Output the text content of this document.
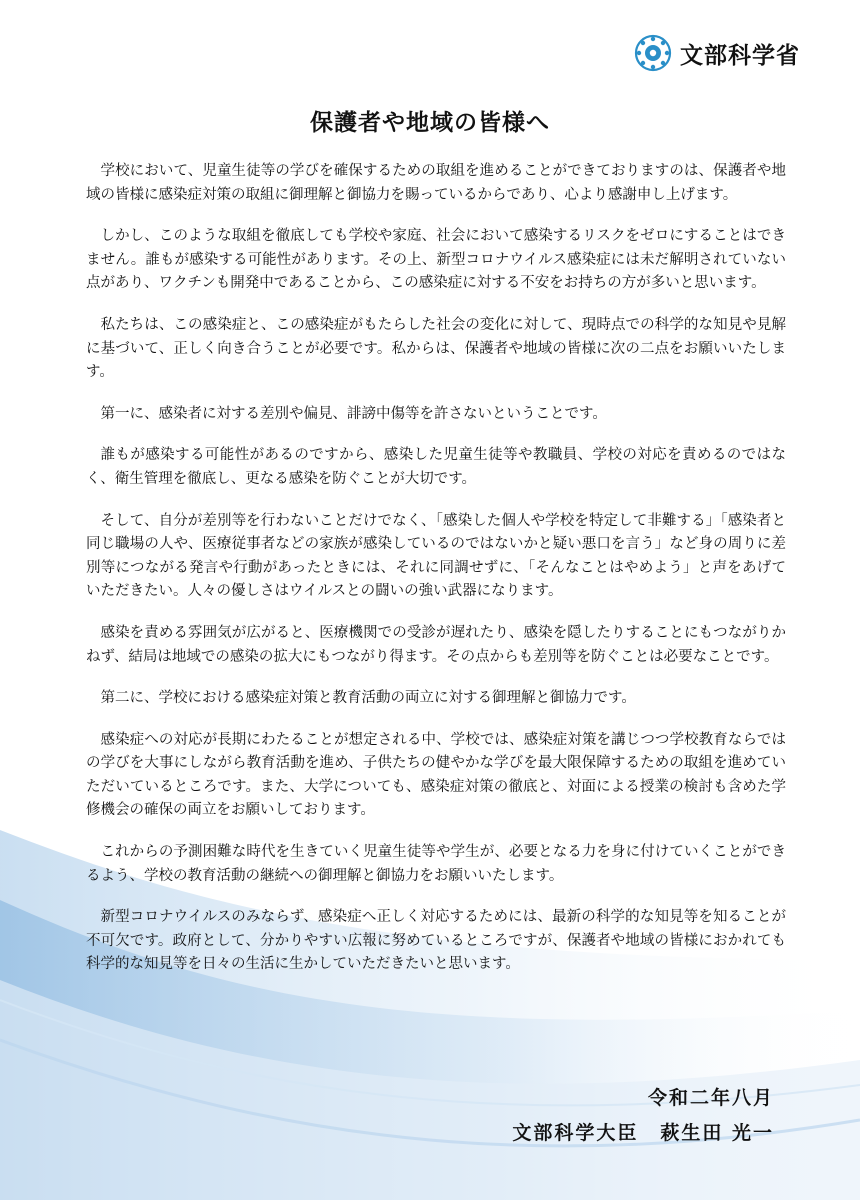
文部科学省
保護者や地域の皆様へ

学校において、児童生徒等の学びを確保するための取組を進めることができておりますのは、保護者や地域の皆様に感染症対策の取組に御理解と御協力を賜っているからであり、心より感謝申し上げます。

しかし、このような取組を徹底しても学校や家庭、社会において感染するリスクをゼロにすることはできません。誰もが感染する可能性があります。その上、新型コロナウイルス感染症には未だ解明されていない点があり、ワクチンも開発中であることから、この感染症に対する不安をお持ちの方が多いと思います。

私たちは、この感染症と、この感染症がもたらした社会の変化に対して、現時点での科学的な知見や見解に基づいて、正しく向き合うことが必要です。私からは、保護者や地域の皆様に次の二点をお願いいたします。

第一に、感染者に対する差別や偏見、誹謗中傷等を許さないということです。

誰もが感染する可能性があるのですから、感染した児童生徒等や教職員、学校の対応を責めるのではなく、衛生管理を徹底し、更なる感染を防ぐことが大切です。

そして、自分が差別等を行わないことだけでなく、「感染した個人や学校を特定して非難する」「感染者と同じ職場の人や、医療従事者などの家族が感染しているのではないかと疑い悪口を言う」など身の周りに差別等につながる発言や行動があったときには、それに同調せずに、「そんなことはやめよう」と声をあげていただきたい。人々の優しさはウイルスとの闘いの強い武器になります。

感染を責める雰囲気が広がると、医療機関での受診が遅れたり、感染を隠したりすることにもつながりかねず、結局は地域での感染の拡大にもつながり得ます。その点からも差別等を防ぐことは必要なことです。

第二に、学校における感染症対策と教育活動の両立に対する御理解と御協力です。

感染症への対応が長期にわたることが想定される中、学校では、感染症対策を講じつつ学校教育ならではの学びを大事にしながら教育活動を進め、子供たちの健やかな学びを最大限保障するための取組を進めていただいているところです。また、大学についても、感染症対策の徹底と、対面による授業の検討も含めた学修機会の確保の両立をお願いしております。

これからの予測困難な時代を生きていく児童生徒等や学生が、必要となる力を身に付けていくことができるよう、学校の教育活動の継続への御理解と御協力をお願いいたします。

新型コロナウイルスのみならず、感染症へ正しく対応するためには、最新の科学的な知見等を知ることが不可欠です。政府として、分かりやすい広報に努めているところですが、保護者や地域の皆様におかれても科学的な知見等を日々の生活に生かしていただきたいと思います。

令和二年八月
文部科学大臣 萩生田 光一
